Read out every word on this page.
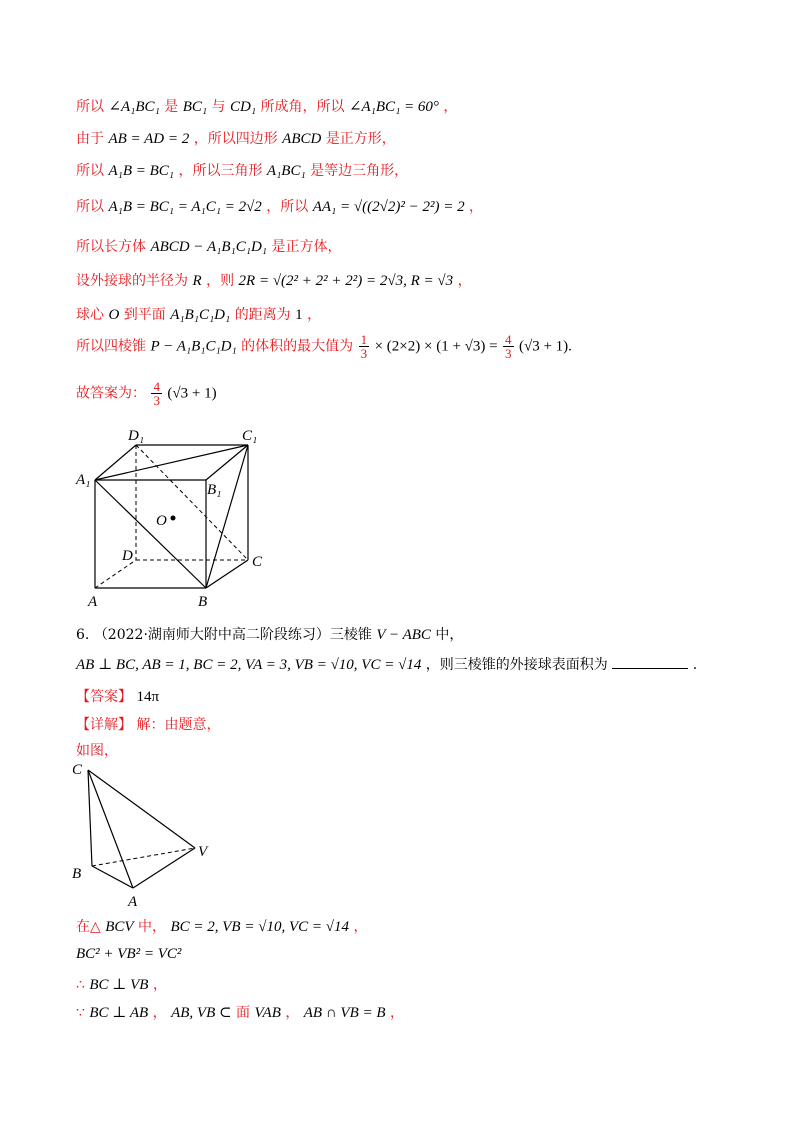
所以 ∠A₁BC₁ 是 BC₁ 与 CD₁ 所成角，所以 ∠A₁BC₁ = 60° ，
由于 AB = AD = 2 ，所以四边形 ABCD 是正方形，
所以 A₁B = BC₁ ，所以三角形 A₁BC₁ 是等边三角形，
所以 A₁B = BC₁ = A₁C₁ = 2√2 ，所以 AA₁ = √((2√2)² − 2²) = 2 ，
所以长方体 ABCD − A₁B₁C₁D₁ 是正方体，
设外接球的半径为 R ，则 2R = √(2² + 2² + 2²) = 2√3, R = √3 ，
球心 O 到平面 A₁B₁C₁D₁ 的距离为 1 ，
所以四棱锥 P − A₁B₁C₁D₁ 的体积的最大值为 $\frac{1}{3} \times (2\times 2) \times (1 + √3) = \frac{4}{3} (√3 + 1)$.
故答案为： $\frac{4}{3} (√3 + 1)$
D₁	C₁
A₁
B₁
O
D	C
A	B
6. （2022·湖南师大附中高二阶段练习）三棱锥 V − ABC 中，
AB ⊥ BC, AB = 1, BC = 2, VA = 3, VB = √10, VC = √14 ，则三棱锥的外接球表面积为	.
【答案】 14π
【详解】 解：由题意，
如图，
C
V
B
A
在△ BCV 中， BC = 2, VB = √10, VC = √14 ，
BC² + VB² = VC²
∴ BC ⊥ VB ，
∵ BC ⊥ AB ， AB, VB ⊂ 面 VAB ， AB ∩ VB = B ，
